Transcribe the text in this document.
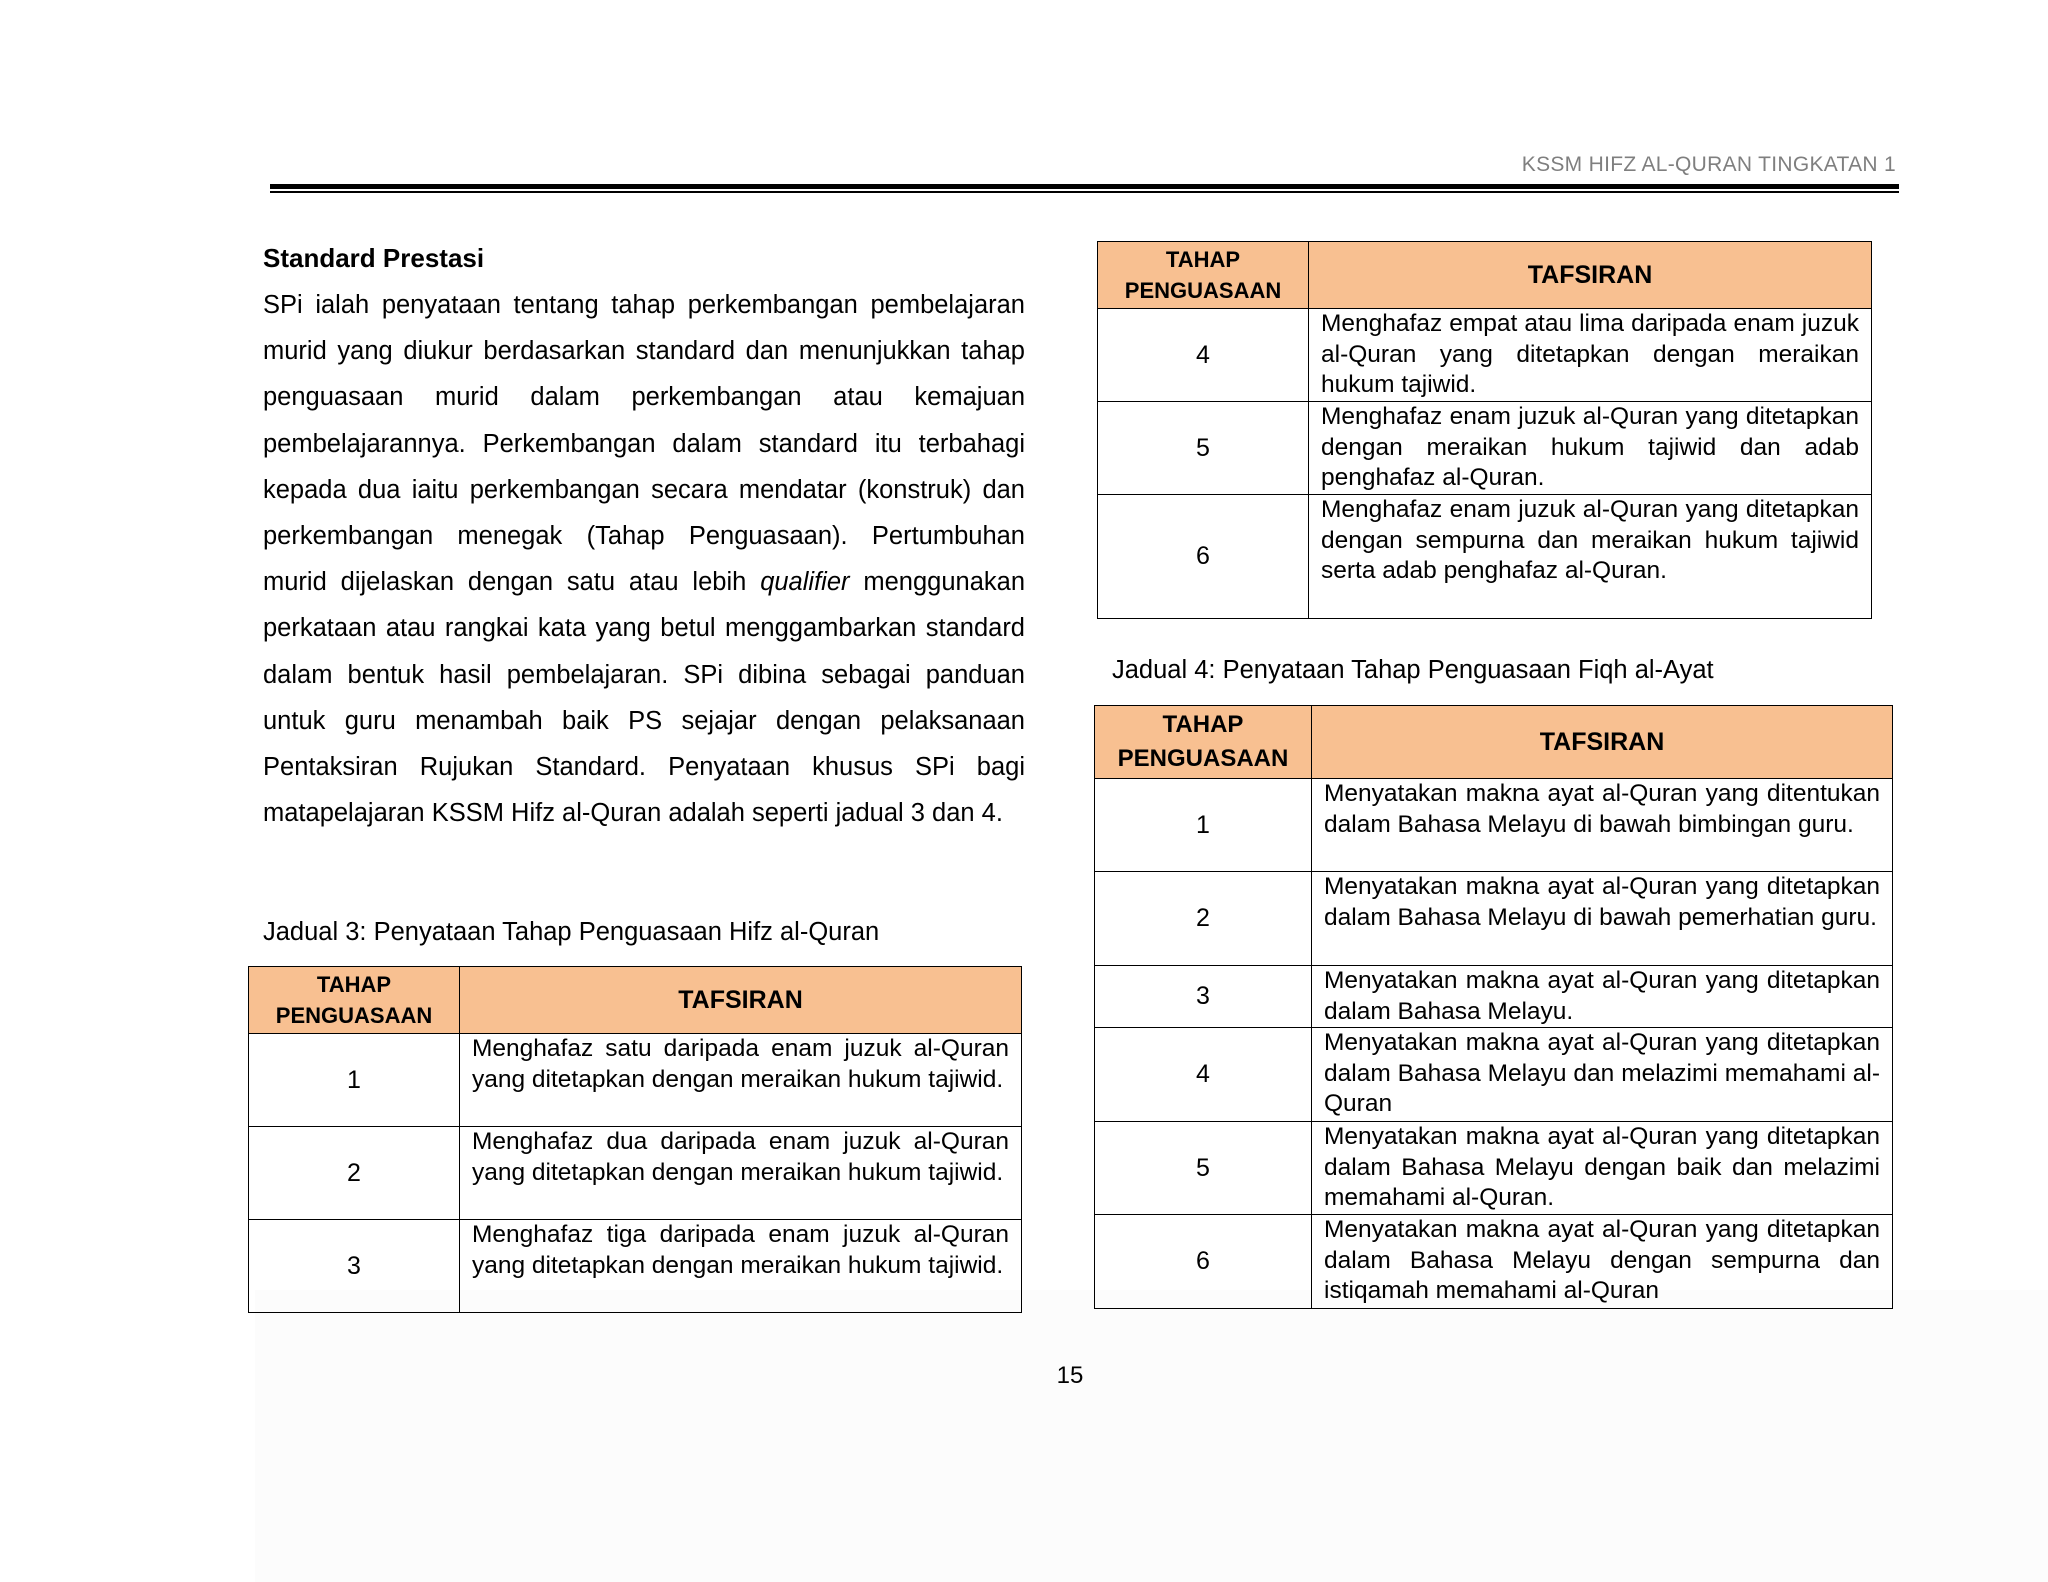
KSSM HIFZ AL-QURAN TINGKATAN 1
Standard Prestasi

SPi ialah penyataan tentang tahap perkembangan pembelajaran murid yang diukur berdasarkan standard dan menunjukkan tahap penguasaan murid dalam perkembangan atau kemajuan pembelajarannya. Perkembangan dalam standard itu terbahagi kepada dua iaitu perkembangan secara mendatar (konstruk) dan perkembangan menegak (Tahap Penguasaan). Pertumbuhan murid dijelaskan dengan satu atau lebih qualifier menggunakan perkataan atau rangkai kata yang betul menggambarkan standard dalam bentuk hasil pembelajaran. SPi dibina sebagai panduan untuk guru menambah baik PS sejajar dengan pelaksanaan Pentaksiran Rujukan Standard. Penyataan khusus SPi bagi matapelajaran KSSM Hifz al-Quran adalah seperti jadual 3 dan 4.

Jadual 3: Penyataan Tahap Penguasaan Hifz al-Quran
TAHAP
PENGUASAAN	TAFSIRAN
1	Menghafaz satu daripada enam juzuk al-Quran yang ditetapkan dengan meraikan hukum tajiwid.
2	Menghafaz dua daripada enam juzuk al-Quran yang ditetapkan dengan meraikan hukum tajiwid.
3	Menghafaz tiga daripada enam juzuk al-Quran yang ditetapkan dengan meraikan hukum tajiwid.
TAHAP
PENGUASAAN	TAFSIRAN
4	Menghafaz empat atau lima daripada enam juzuk al-Quran yang ditetapkan dengan meraikan hukum tajiwid.
5	Menghafaz enam juzuk al-Quran yang ditetapkan dengan meraikan hukum tajiwid dan adab penghafaz al-Quran.
6	Menghafaz enam juzuk al-Quran yang ditetapkan dengan sempurna dan meraikan hukum tajiwid serta adab penghafaz al-Quran.
Jadual 4: Penyataan Tahap Penguasaan Fiqh al-Ayat
TAHAP
PENGUASAAN	TAFSIRAN
1	Menyatakan makna ayat al-Quran yang ditentukan dalam Bahasa Melayu di bawah bimbingan guru.
2	Menyatakan makna ayat al-Quran yang ditetapkan dalam Bahasa Melayu di bawah pemerhatian guru.
3	Menyatakan makna ayat al-Quran yang ditetapkan dalam Bahasa Melayu.
4	Menyatakan makna ayat al-Quran yang ditetapkan dalam Bahasa Melayu dan melazimi memahami al-Quran
5	Menyatakan makna ayat al-Quran yang ditetapkan dalam Bahasa Melayu dengan baik dan melazimi memahami al-Quran.
6	Menyatakan makna ayat al-Quran yang ditetapkan dalam Bahasa Melayu dengan sempurna dan istiqamah memahami al-Quran
15
